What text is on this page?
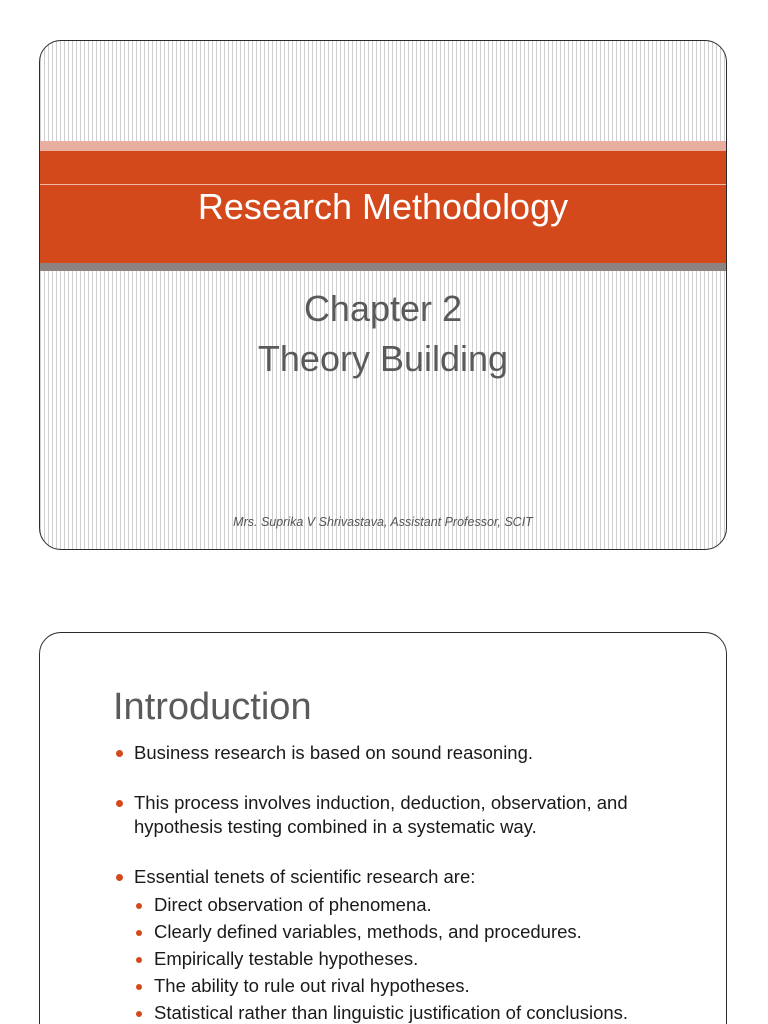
Research Methodology
Chapter 2
Theory Building
Mrs. Suprika V Shrivastava, Assistant Professor, SCIT
Introduction
Business research is based on sound reasoning.
This process involves induction, deduction, observation, and hypothesis testing combined in a systematic way.
Essential tenets of scientific research are:
Direct observation of phenomena.
Clearly defined variables, methods, and procedures.
Empirically testable hypotheses.
The ability to rule out rival hypotheses.
Statistical rather than linguistic justification of conclusions.
